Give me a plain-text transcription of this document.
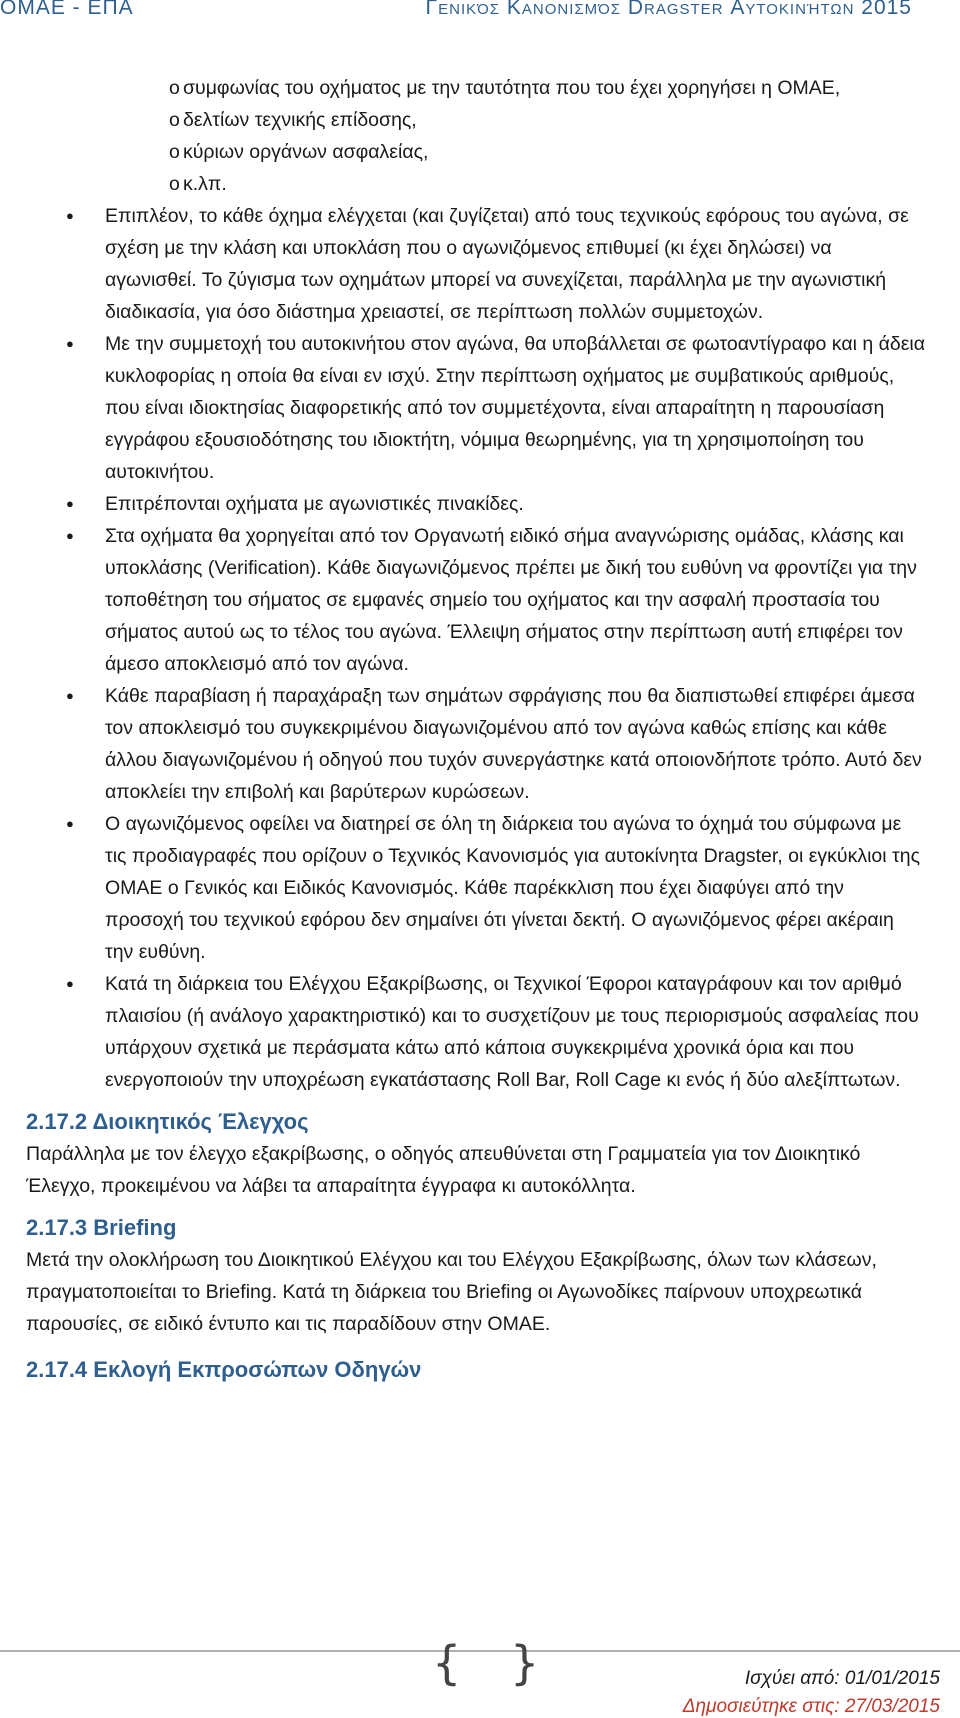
ΟΜΑΕ - ΕΠΑ	Γενικός Κανονισμός Dragster Αυτοκινήτων 2015
o συμφωνίας του οχήματος με την ταυτότητα που του έχει χορηγήσει η ΟΜΑΕ,
o δελτίων τεχνικής επίδοσης,
o κύριων οργάνων ασφαλείας,
o κ.λπ.
● Επιπλέον, το κάθε όχημα ελέγχεται (και ζυγίζεται) από τους τεχνικούς εφόρους του αγώνα, σε σχέση με την κλάση και υποκλάση που ο αγωνιζόμενος επιθυμεί (κι έχει δηλώσει) να αγωνισθεί. Το ζύγισμα των οχημάτων μπορεί να συνεχίζεται, παράλληλα με την αγωνιστική διαδικασία, για όσο διάστημα χρειαστεί, σε περίπτωση πολλών συμμετοχών.
● Με την συμμετοχή του αυτοκινήτου στον αγώνα, θα υποβάλλεται σε φωτοαντίγραφο και η άδεια κυκλοφορίας η οποία θα είναι εν ισχύ. Στην περίπτωση οχήματος με συμβατικούς αριθμούς, που είναι ιδιοκτησίας διαφορετικής από τον συμμετέχοντα, είναι απαραίτητη η παρουσίαση εγγράφου εξουσιοδότησης του ιδιοκτήτη, νόμιμα θεωρημένης, για τη χρησιμοποίηση του αυτοκινήτου.
● Επιτρέπονται οχήματα με αγωνιστικές πινακίδες.
● Στα οχήματα θα χορηγείται από τον Οργανωτή ειδικό σήμα αναγνώρισης ομάδας, κλάσης και υποκλάσης (Verification). Κάθε διαγωνιζόμενος πρέπει με δική του ευθύνη να φροντίζει για την τοποθέτηση του σήματος σε εμφανές σημείο του οχήματος και την ασφαλή προστασία του σήματος αυτού ως το τέλος του αγώνα. Έλλειψη σήματος στην περίπτωση αυτή επιφέρει τον άμεσο αποκλεισμό από τον αγώνα.
● Κάθε παραβίαση ή παραχάραξη των σημάτων σφράγισης που θα διαπιστωθεί επιφέρει άμεσα τον αποκλεισμό του συγκεκριμένου διαγωνιζομένου από τον αγώνα καθώς επίσης και κάθε άλλου διαγωνιζομένου ή οδηγού που τυχόν συνεργάστηκε κατά οποιονδήποτε τρόπο. Αυτό δεν αποκλείει την επιβολή και βαρύτερων κυρώσεων.
● Ο αγωνιζόμενος οφείλει να διατηρεί σε όλη τη διάρκεια του αγώνα το όχημά του σύμφωνα με τις προδιαγραφές που ορίζουν ο Τεχνικός Κανονισμός για αυτοκίνητα Dragster, οι εγκύκλιοι της ΟΜΑΕ ο Γενικός και Ειδικός Κανονισμός. Κάθε παρέκκλιση που έχει διαφύγει από την προσοχή του τεχνικού εφόρου δεν σημαίνει ότι γίνεται δεκτή. Ο αγωνιζόμενος φέρει ακέραιη την ευθύνη.
● Κατά τη διάρκεια του Ελέγχου Εξακρίβωσης, οι Τεχνικοί Έφοροι καταγράφουν και τον αριθμό πλαισίου (ή ανάλογο χαρακτηριστικό) και το συσχετίζουν με τους περιορισμούς ασφαλείας που υπάρχουν σχετικά με περάσματα κάτω από κάποια συγκεκριμένα χρονικά όρια και που ενεργοποιούν την υποχρέωση εγκατάστασης Roll Bar, Roll Cage κι ενός ή δύο αλεξίπτωτων.
2.17.2 Διοικητικός Έλεγχος

Παράλληλα με τον έλεγχο εξακρίβωσης, ο οδηγός απευθύνεται στη Γραμματεία για τον Διοικητικό Έλεγχο, προκειμένου να λάβει τα απαραίτητα έγγραφα κι αυτοκόλλητα.

2.17.3 Briefing

Μετά την ολοκλήρωση του Διοικητικού Ελέγχου και του Ελέγχου Εξακρίβωσης, όλων των κλάσεων, πραγματοποιείται το Briefing. Κατά τη διάρκεια του Briefing οι Αγωνοδίκες παίρνουν υποχρεωτικά παρουσίες, σε ειδικό έντυπο και τις παραδίδουν στην ΟΜΑΕ.

2.17.4 Εκλογή Εκπροσώπων Οδηγών
{ }	Ισχύει από: 01/01/2015
Δημοσιεύτηκε στις: 27/03/2015
